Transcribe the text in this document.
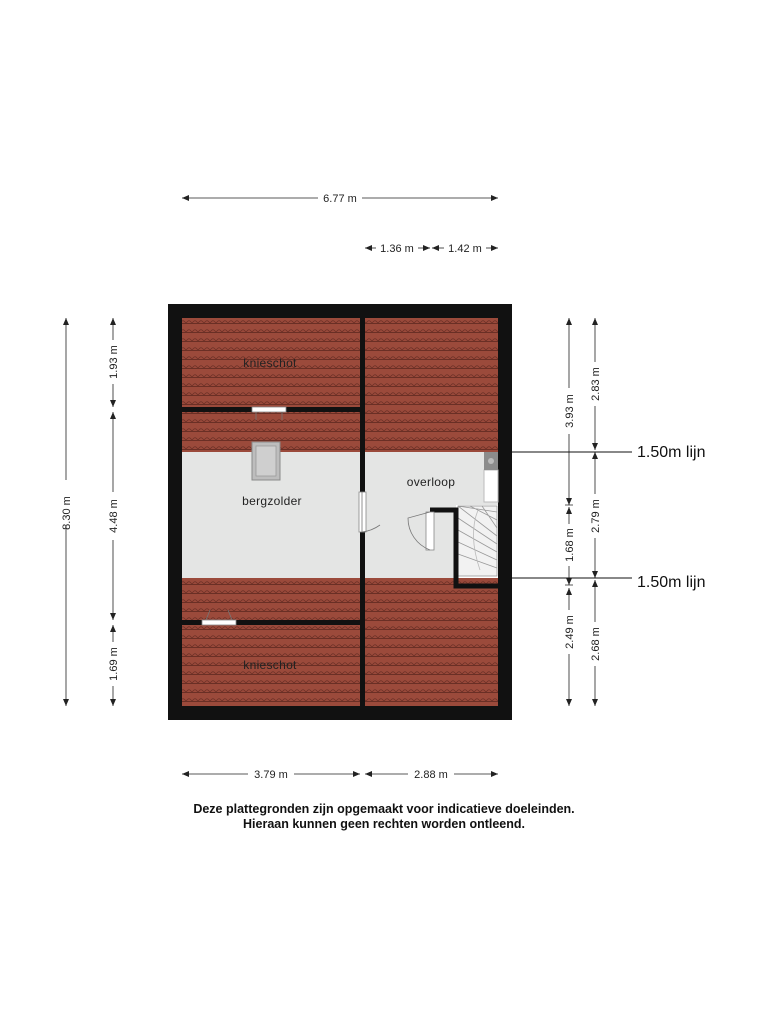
knieschot
knieschot
bergzolder
overloop
6.77 m
1.36 m	1.42 m
3.79 m	2.88 m
8.30 m
1.93 m
4.48 m
1.69 m
3.93 m
1.68 m
2.49 m
2.83 m
2.79 m
2.68 m
1.50m lijn
1.50m lijn
Deze plattegronden zijn opgemaakt voor indicatieve doeleinden.
Hieraan kunnen geen rechten worden ontleend.
